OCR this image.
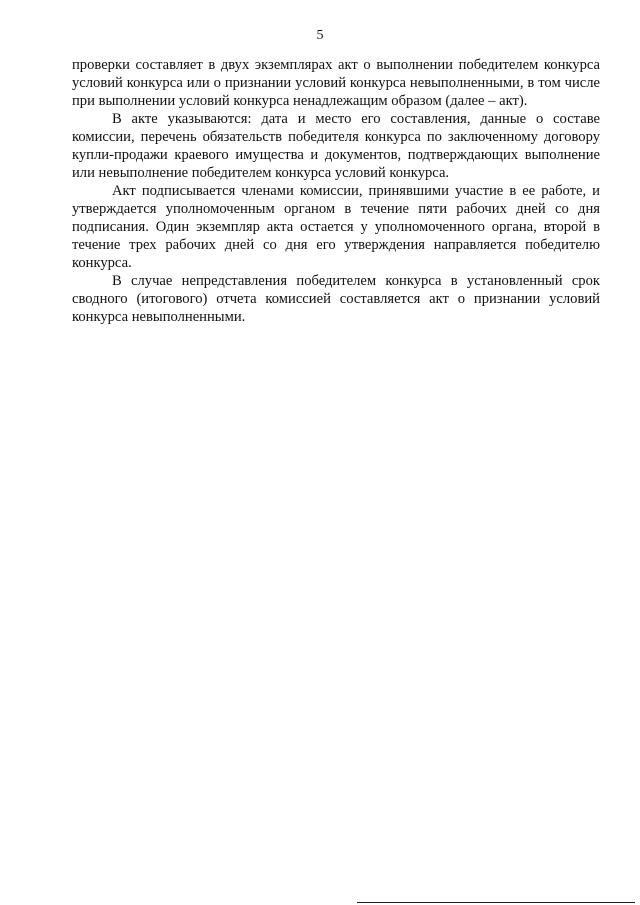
5

проверки составляет в двух экземплярах акт о выполнении победителем конкурса условий конкурса или о признании условий конкурса невыполненными, в том числе при выполнении условий конкурса ненадлежащим образом (далее – акт).

В акте указываются: дата и место его составления, данные о составе комиссии, перечень обязательств победителя конкурса по заключенному договору купли-продажи краевого имущества и документов, подтверждающих выполнение или невыполнение победителем конкурса условий конкурса.

Акт подписывается членами комиссии, принявшими участие в ее работе, и утверждается уполномоченным органом в течение пяти рабочих дней со дня подписания. Один экземпляр акта остается у уполномоченного органа, второй в течение трех рабочих дней со дня его утверждения направляется победителю конкурса.

В случае непредставления победителем конкурса в установленный срок сводного (итогового) отчета комиссией составляется акт о признании условий конкурса невыполненными.
